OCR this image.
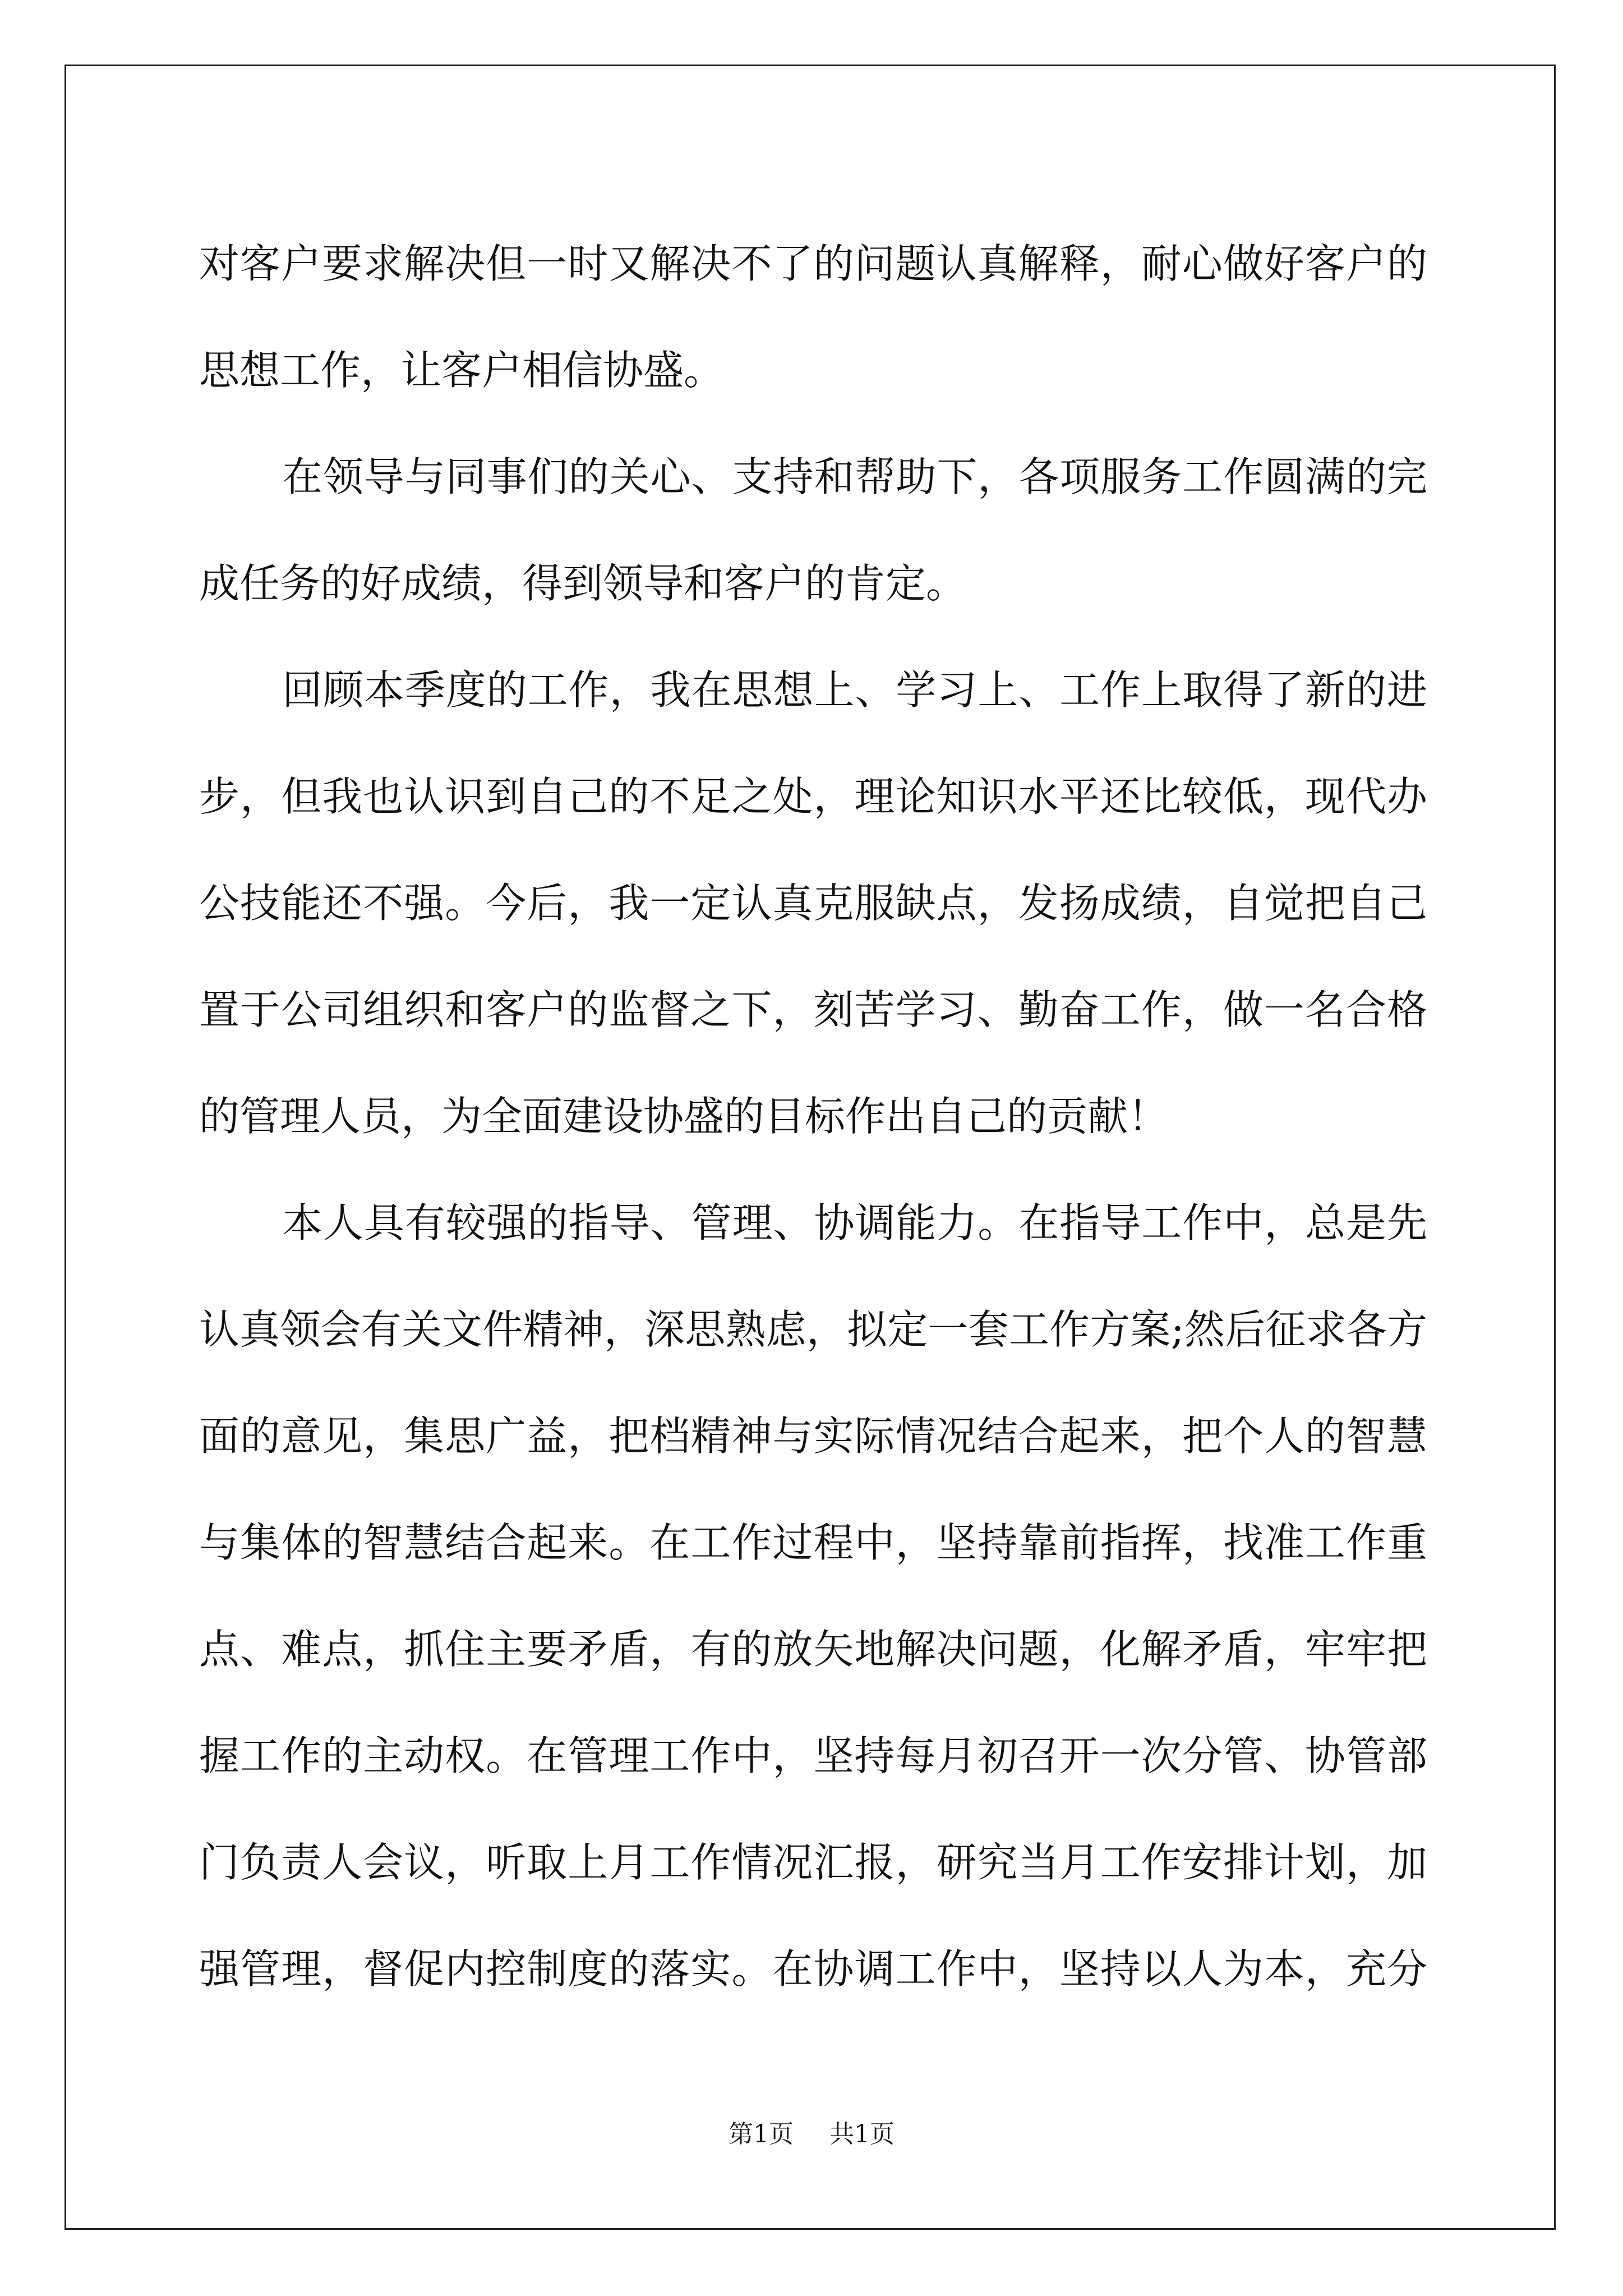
对客户要求解决但一时又解决不了的问题认真解释，耐心做好客户的
思想工作，让客户相信协盛。
在领导与同事们的关心、支持和帮助下，各项服务工作圆满的完
成任务的好成绩，得到领导和客户的肯定。
回顾本季度的工作，我在思想上、学习上、工作上取得了新的进
步，但我也认识到自己的不足之处，理论知识水平还比较低，现代办
公技能还不强。今后，我一定认真克服缺点，发扬成绩，自觉把自己
置于公司组织和客户的监督之下，刻苦学习、勤奋工作，做一名合格
的管理人员，为全面建设协盛的目标作出自己的贡献！
本人具有较强的指导、管理、协调能力。在指导工作中，总是先
认真领会有关文件精神，深思熟虑，拟定一套工作方案;然后征求各方
面的意见，集思广益，把档精神与实际情况结合起来，把个人的智慧
与集体的智慧结合起来。在工作过程中，坚持靠前指挥，找准工作重
点、难点，抓住主要矛盾，有的放矢地解决问题，化解矛盾，牢牢把
握工作的主动权。在管理工作中，坚持每月初召开一次分管、协管部
门负责人会议，听取上月工作情况汇报，研究当月工作安排计划，加
强管理，督促内控制度的落实。在协调工作中，坚持以人为本，充分
第1页 共1页
